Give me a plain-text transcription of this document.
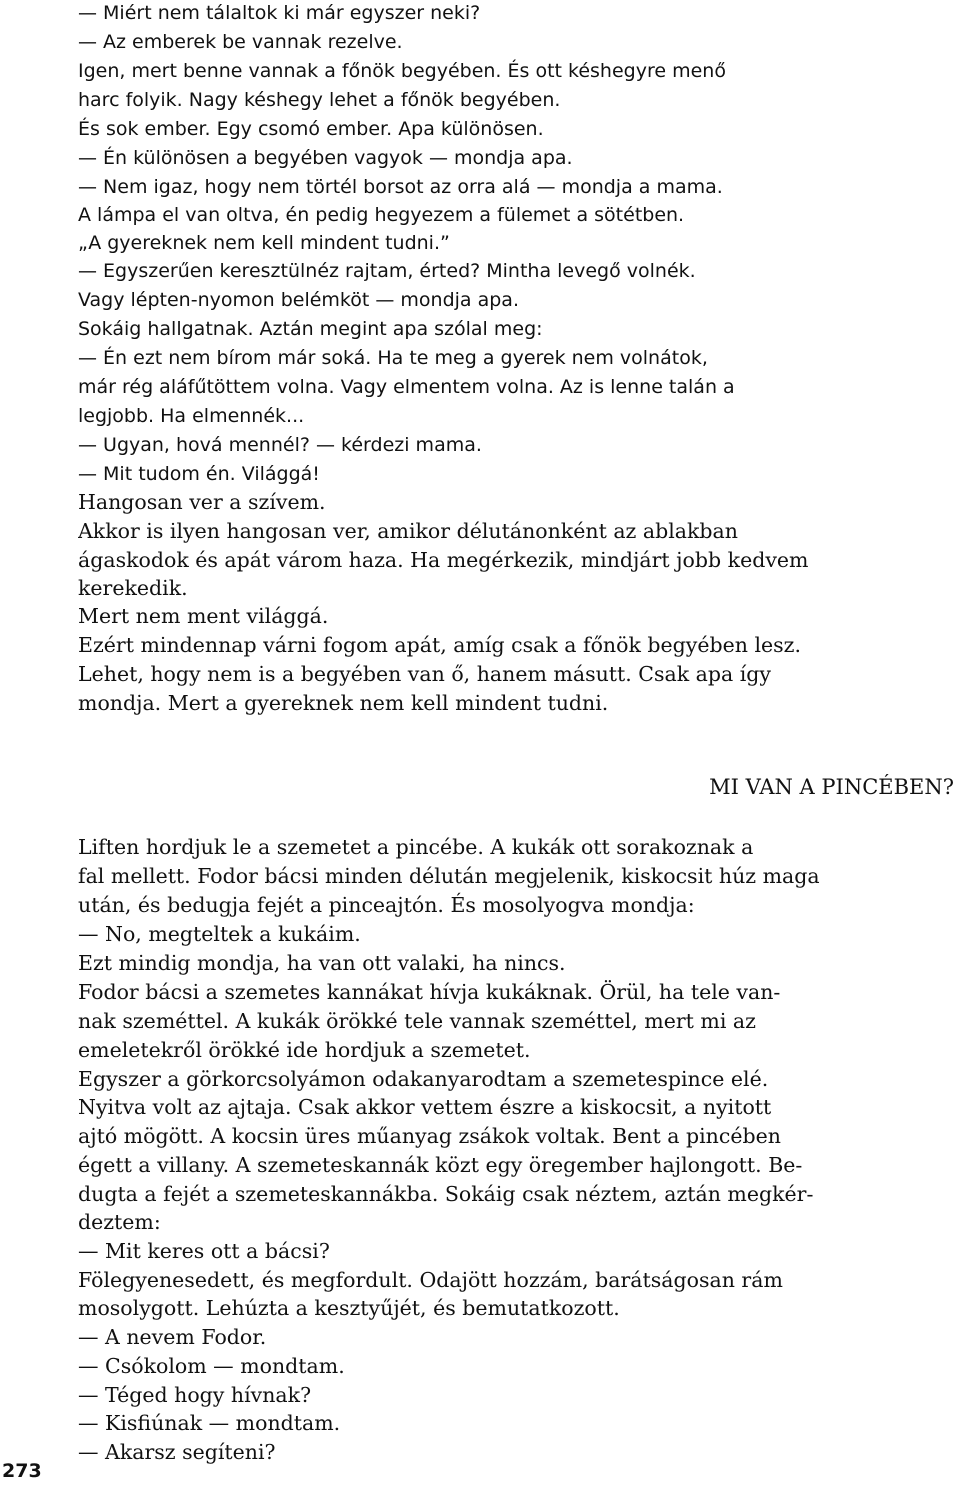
— Miért nem tálaltok ki már egyszer neki?
— Az emberek be vannak rezelve.
Igen, mert benne vannak a főnök begyében. És ott késhegyre menő
harc folyik. Nagy késhegy lehet a főnök begyében.
És sok ember. Egy csomó ember. Apa különösen.
— Én különösen a begyében vagyok — mondja apa.
— Nem igaz, hogy nem törtél borsot az orra alá — mondja a mama.
A lámpa el van oltva, én pedig hegyezem a fülemet a sötétben.
„A gyereknek nem kell mindent tudni.”
— Egyszerűen keresztülnéz rajtam, érted? Mintha levegő volnék.
Vagy lépten-nyomon belémköt — mondja apa.
Sokáig hallgatnak. Aztán megint apa szólal meg:
— Én ezt nem bírom már soká. Ha te meg a gyerek nem volnátok,
már rég aláfűtöttem volna. Vagy elmentem volna. Az is lenne talán a
legjobb. Ha elmennék...
— Ugyan, hová mennél? — kérdezi mama.
— Mit tudom én. Világgá!
Hangosan ver a szívem.
Akkor is ilyen hangosan ver, amikor délutánonként az ablakban
ágaskodok és apát várom haza. Ha megérkezik, mindjárt jobb kedvem
kerekedik.
Mert nem ment világgá.
Ezért mindennap várni fogom apát, amíg csak a főnök begyében lesz.
Lehet, hogy nem is a begyében van ő, hanem másutt. Csak apa így
mondja. Mert a gyereknek nem kell mindent tudni.
MI VAN A PINCÉBEN?
Liften hordjuk le a szemetet a pincébe. A kukák ott sorakoznak a
fal mellett. Fodor bácsi minden délután megjelenik, kiskocsit húz maga
után, és bedugja fejét a pinceajtón. És mosolyogva mondja:
— No, megteltek a kukáim.
Ezt mindig mondja, ha van ott valaki, ha nincs.
Fodor bácsi a szemetes kannákat hívja kukáknak. Örül, ha tele van-
nak szeméttel. A kukák örökké tele vannak szeméttel, mert mi az
emeletekről örökké ide hordjuk a szemetet.
Egyszer a görkorcsolyámon odakanyarodtam a szemetespince elé.
Nyitva volt az ajtaja. Csak akkor vettem észre a kiskocsit, a nyitott
ajtó mögött. A kocsin üres műanyag zsákok voltak. Bent a pincében
égett a villany. A szemeteskannák közt egy öregember hajlongott. Be-
dugta a fejét a szemeteskannákba. Sokáig csak néztem, aztán megkér-
deztem:
— Mit keres ott a bácsi?
Fölegyenesedett, és megfordult. Odajött hozzám, barátságosan rám
mosolygott. Lehúzta a kesztyűjét, és bemutatkozott.
— A nevem Fodor.
— Csókolom — mondtam.
— Téged hogy hívnak?
— Kisfiúnak — mondtam.
— Akarsz segíteni?
273
